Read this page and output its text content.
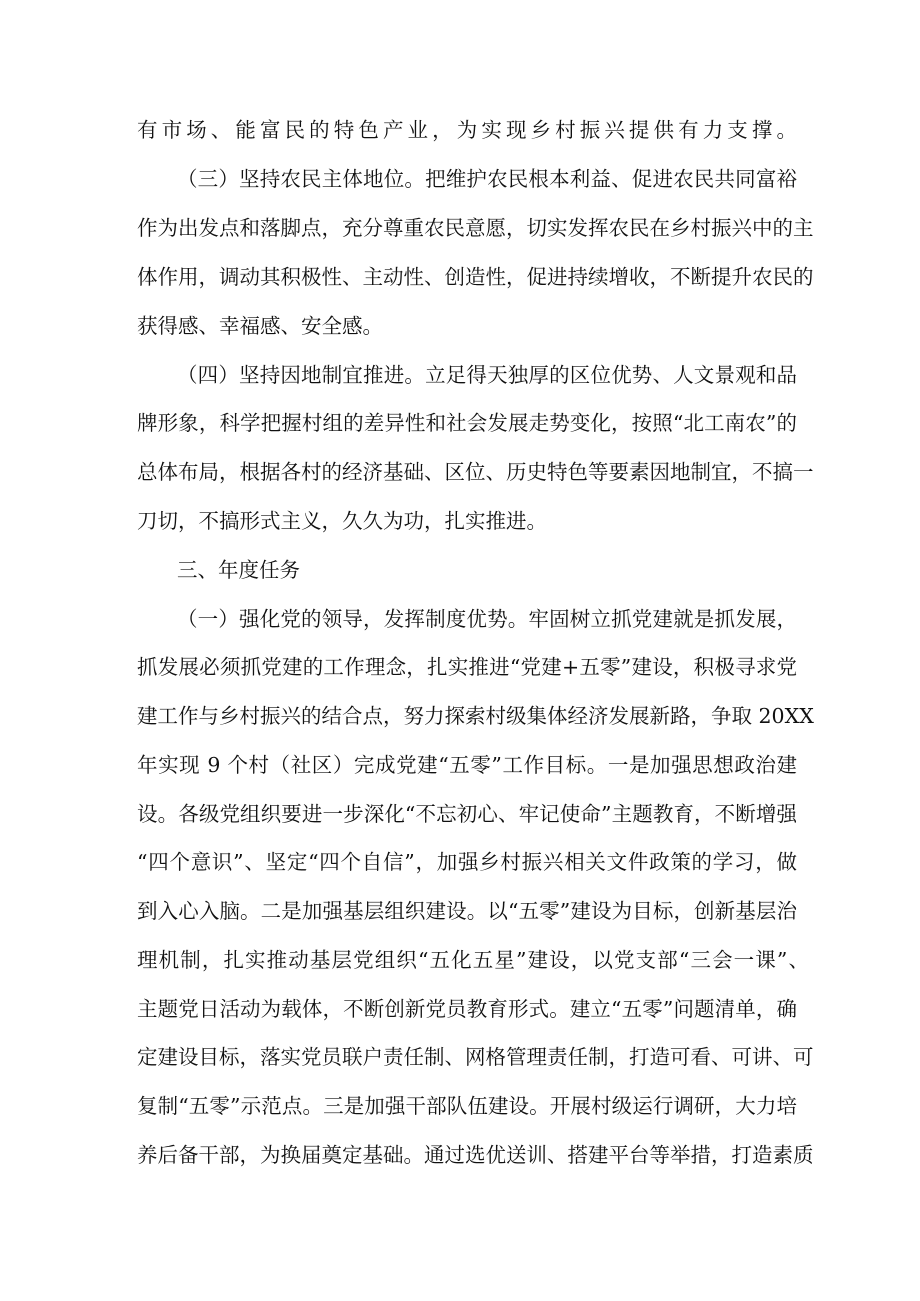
有市场、能富民的特色产业，为实现乡村振兴提供有力支撑。
（三）坚持农民主体地位。把维护农民根本利益、促进农民共同富裕
作为出发点和落脚点，充分尊重农民意愿，切实发挥农民在乡村振兴中的主
体作用，调动其积极性、主动性、创造性，促进持续增收，不断提升农民的
获得感、幸福感、安全感。
（四）坚持因地制宜推进。立足得天独厚的区位优势、人文景观和品
牌形象，科学把握村组的差异性和社会发展走势变化，按照“北工南农”的
总体布局，根据各村的经济基础、区位、历史特色等要素因地制宜，不搞一
刀切，不搞形式主义，久久为功，扎实推进。
三、年度任务
（一）强化党的领导，发挥制度优势。牢固树立抓党建就是抓发展，
抓发展必须抓党建的工作理念，扎实推进“党建+五零”建设，积极寻求党
建工作与乡村振兴的结合点，努力探索村级集体经济发展新路，争取 20XX
年实现 9 个村（社区）完成党建“五零”工作目标。一是加强思想政治建
设。各级党组织要进一步深化“不忘初心、牢记使命”主题教育，不断增强
“四个意识”、坚定“四个自信”，加强乡村振兴相关文件政策的学习，做
到入心入脑。二是加强基层组织建设。以“五零”建设为目标，创新基层治
理机制，扎实推动基层党组织“五化五星”建设，以党支部“三会一课”、
主题党日活动为载体，不断创新党员教育形式。建立“五零”问题清单，确
定建设目标，落实党员联户责任制、网格管理责任制，打造可看、可讲、可
复制“五零”示范点。三是加强干部队伍建设。开展村级运行调研，大力培
养后备干部，为换届奠定基础。通过选优送训、搭建平台等举措，打造素质
